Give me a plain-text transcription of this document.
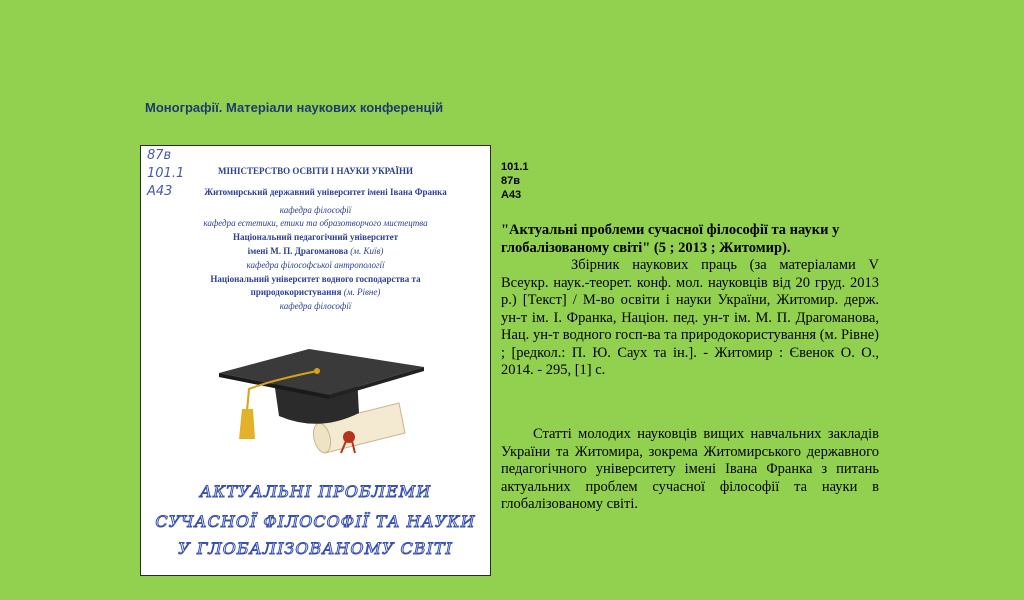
Монографії. Матеріали наукових конференцій
87в
101.1
А43
МІНІСТЕРСТВО ОСВІТИ І НАУКИ УКРАЇНИ
Житомирський державний університет імені Івана Франка
кафедра філософії
кафедра естетики, етики та образотворчого мистецтва
Національний педагогічний університет
імені М. П. Драгоманова (м. Київ)
кафедра філософської антропології
Національний університет водного господарства та
природокористування (м. Рівне)
кафедра філософії
АКТУАЛЬНІ ПРОБЛЕМИ
СУЧАСНОЇ ФІЛОСОФІЇ ТА НАУКИ
У ГЛОБАЛІЗОВАНОМУ СВІТІ
101.1
87в
А43

"Актуальні проблеми сучасної філософії та науки у глобалізованому світі" (5 ; 2013 ; Житомир).

Збірник наукових праць (за матеріалами V Всеукр. наук.-теорет. конф. мол. науковців від 20 груд. 2013 р.) [Текст] / М-во освіти і науки України, Житомир. держ. ун-т ім. І. Франка, Націон. пед. ун-т ім. М. П. Драгоманова, Нац. ун-т водного госп-ва та природокористування (м. Рівне) ; [редкол.: П. Ю. Саух та ін.]. - Житомир : Євенок О. О., 2014. - 295, [1] с.

Статті молодих науковців вищих навчальних закладів України та Житомира, зокрема Житомирського державного педагогічного університету імені Івана Франка з питань актуальних проблем сучасної філософії та науки в глобалізованому світі.
